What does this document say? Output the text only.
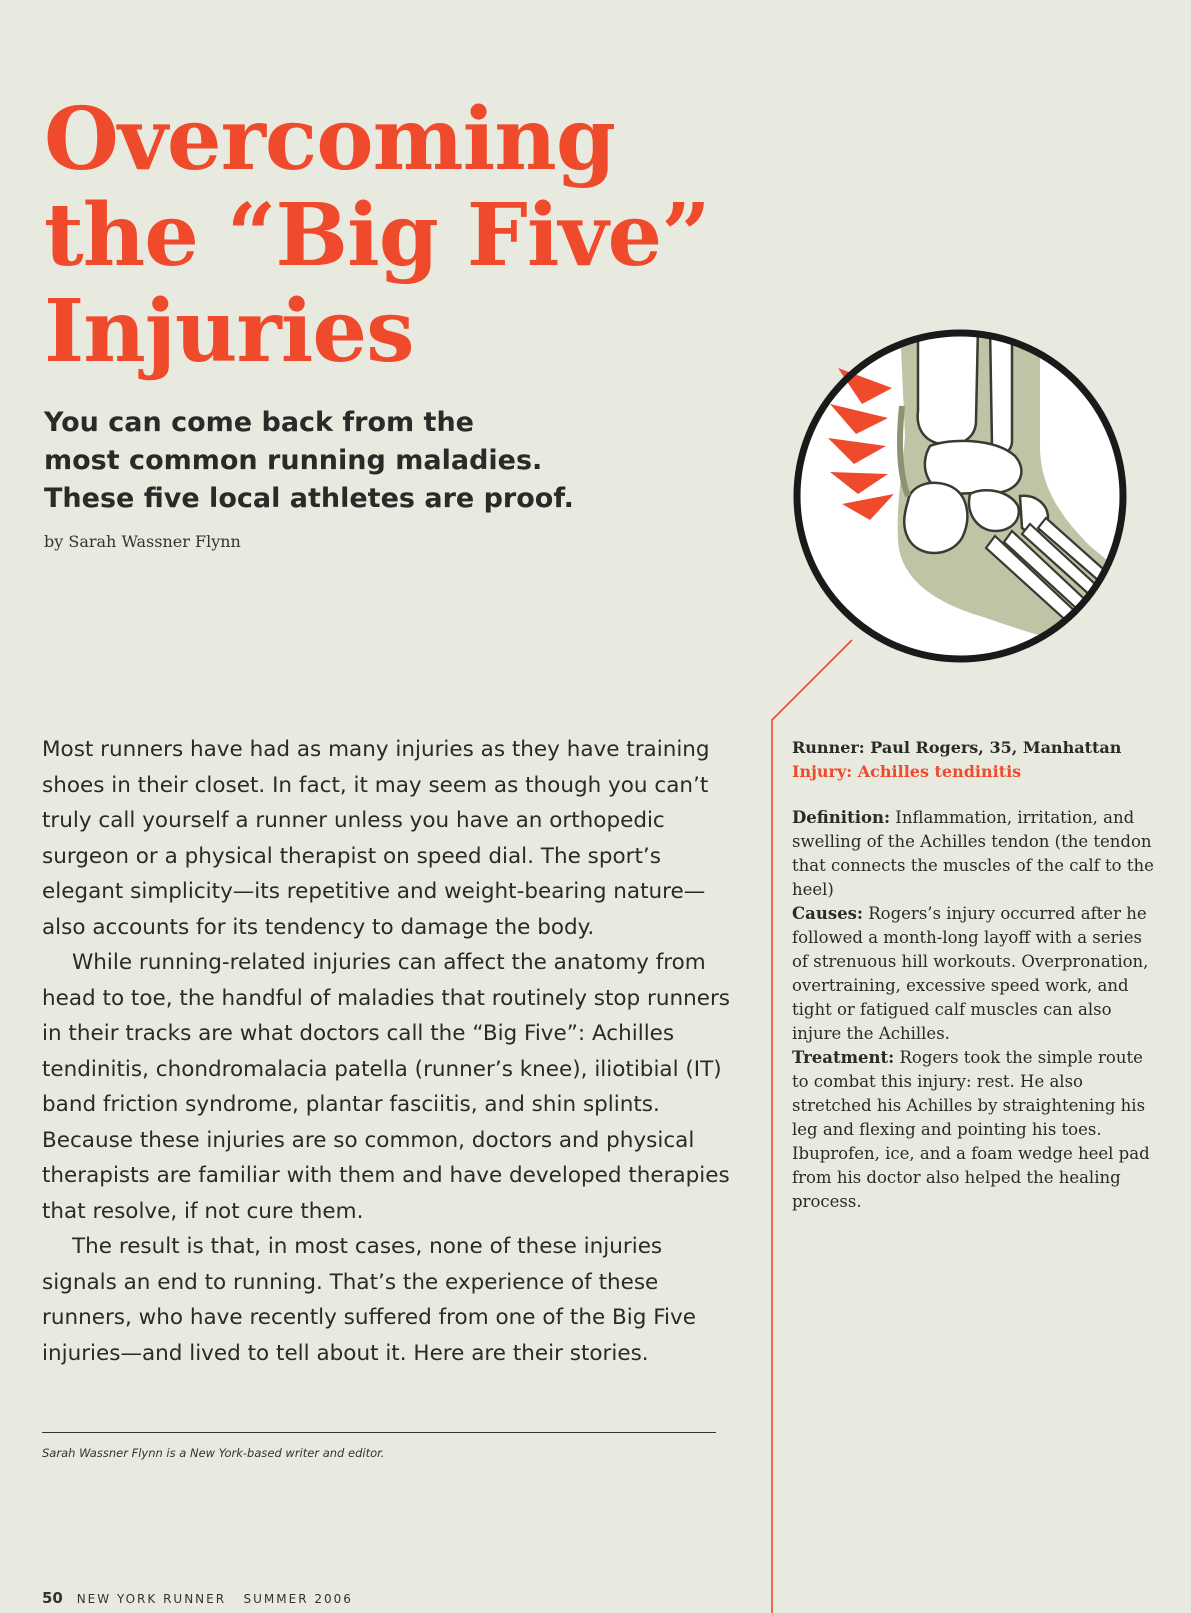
Overcoming
the “Big Five”
Injuries
You can come back from the
most common running maladies.
These five local athletes are proof.
by Sarah Wassner Flynn

Most runners have had as many injuries as they have training shoes in their closet. In fact, it may seem as though you can’t truly call yourself a runner unless you have an orthopedic surgeon or a physical therapist on speed dial. The sport’s elegant simplicity—its repetitive and weight-bearing nature—also accounts for its tendency to damage the body.

While running-related injuries can affect the anatomy from head to toe, the handful of maladies that routinely stop runners in their tracks are what doctors call the “Big Five”: Achilles tendinitis, chondromalacia patella (runner’s knee), iliotibial (IT) band friction syndrome, plantar fasciitis, and shin splints. Because these injuries are so common, doctors and physical therapists are familiar with them and have developed therapies that resolve, if not cure them.

The result is that, in most cases, none of these injuries signals an end to running. That’s the experience of these runners, who have recently suffered from one of the Big Five injuries—and lived to tell about it. Here are their stories.

Sarah Wassner Flynn is a New York-based writer and editor.
50 NEW YORK RUNNER SUMMER 2006
Runner: Paul Rogers, 35, Manhattan
Injury: Achilles tendinitis

Definition: Inflammation, irritation, and swelling of the Achilles tendon (the tendon that connects the muscles of the calf to the heel)

Causes: Rogers’s injury occurred after he followed a month-long layoff with a series of strenuous hill workouts. Overpronation, overtraining, excessive speed work, and tight or fatigued calf muscles can also injure the Achilles.

Treatment: Rogers took the simple route to combat this injury: rest. He also stretched his Achilles by straightening his leg and flexing and pointing his toes. Ibuprofen, ice, and a foam wedge heel pad from his doctor also helped the healing process.
